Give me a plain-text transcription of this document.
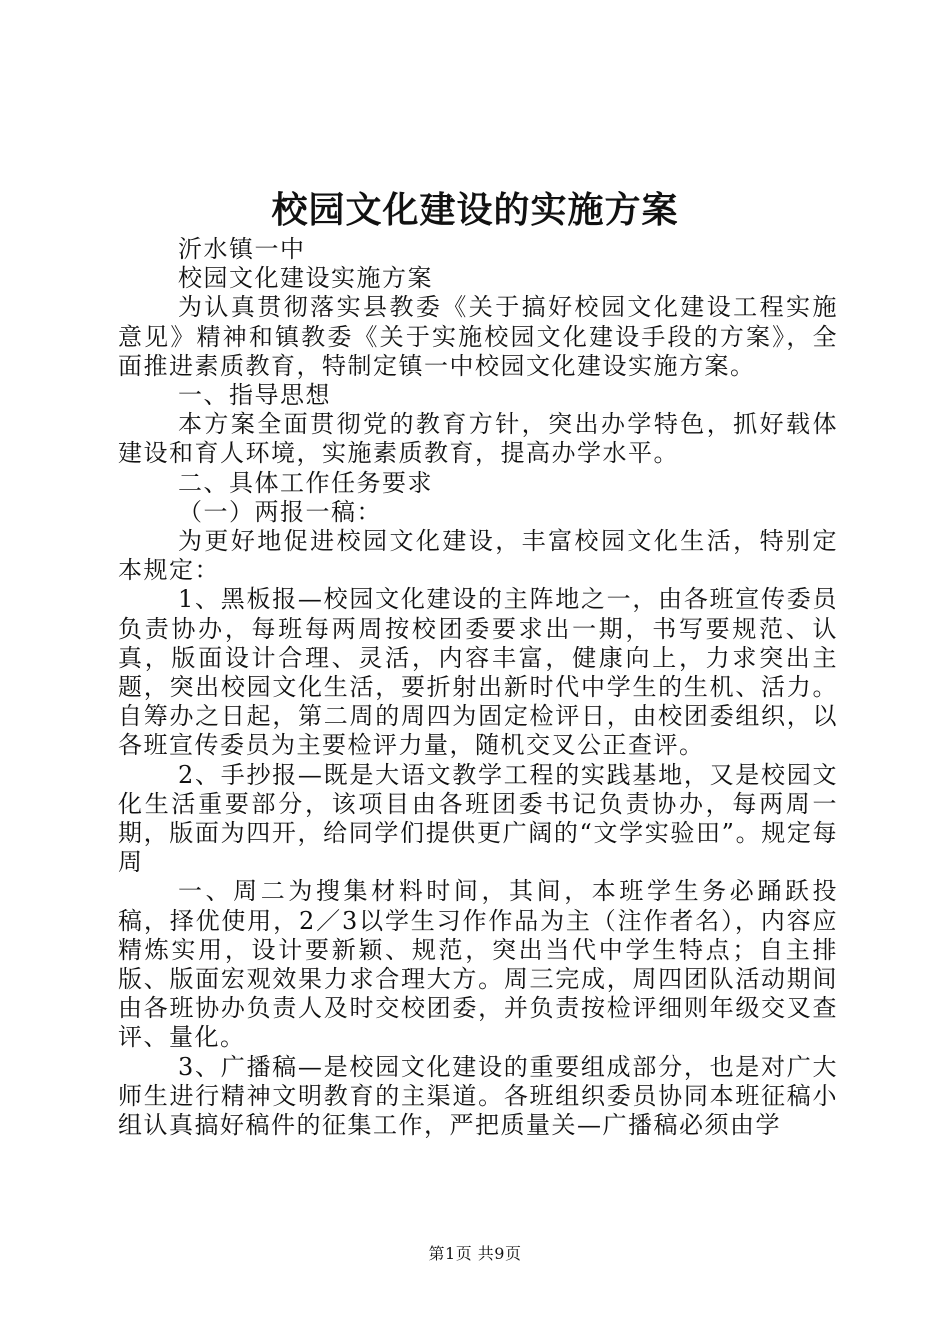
校园文化建设的实施方案

沂水镇一中

校园文化建设实施方案

为认真贯彻落实县教委《关于搞好校园文化建设工程实施意见》精神和镇教委《关于实施校园文化建设手段的方案》，全面推进素质教育，特制定镇一中校园文化建设实施方案。

一、指导思想

本方案全面贯彻党的教育方针，突出办学特色，抓好载体建设和育人环境，实施素质教育，提高办学水平。

二、具体工作任务要求

（一）两报一稿：

为更好地促进校园文化建设，丰富校园文化生活，特别定本规定：

1、黑板报—校园文化建设的主阵地之一，由各班宣传委员负责协办，每班每两周按校团委要求出一期，书写要规范、认真，版面设计合理、灵活，内容丰富，健康向上，力求突出主题，突出校园文化生活，要折射出新时代中学生的生机、活力。自筹办之日起，第二周的周四为固定检评日，由校团委组织，以各班宣传委员为主要检评力量，随机交叉公正查评。

2、手抄报—既是大语文教学工程的实践基地，又是校园文化生活重要部分，该项目由各班团委书记负责协办，每两周一期，版面为四开，给同学们提供更广阔的“文学实验田”。规定每周

一、周二为搜集材料时间，其间，本班学生务必踊跃投稿，择优使用，2／3以学生习作作品为主（注作者名），内容应精炼实用，设计要新颖、规范，突出当代中学生特点；自主排版、版面宏观效果力求合理大方。周三完成，周四团队活动期间由各班协办负责人及时交校团委，并负责按检评细则年级交叉查评、量化。

3、广播稿—是校园文化建设的重要组成部分，也是对广大师生进行精神文明教育的主渠道。各班组织委员协同本班征稿小组认真搞好稿件的征集工作，严把质量关—广播稿必须由学

第1页 共9页
